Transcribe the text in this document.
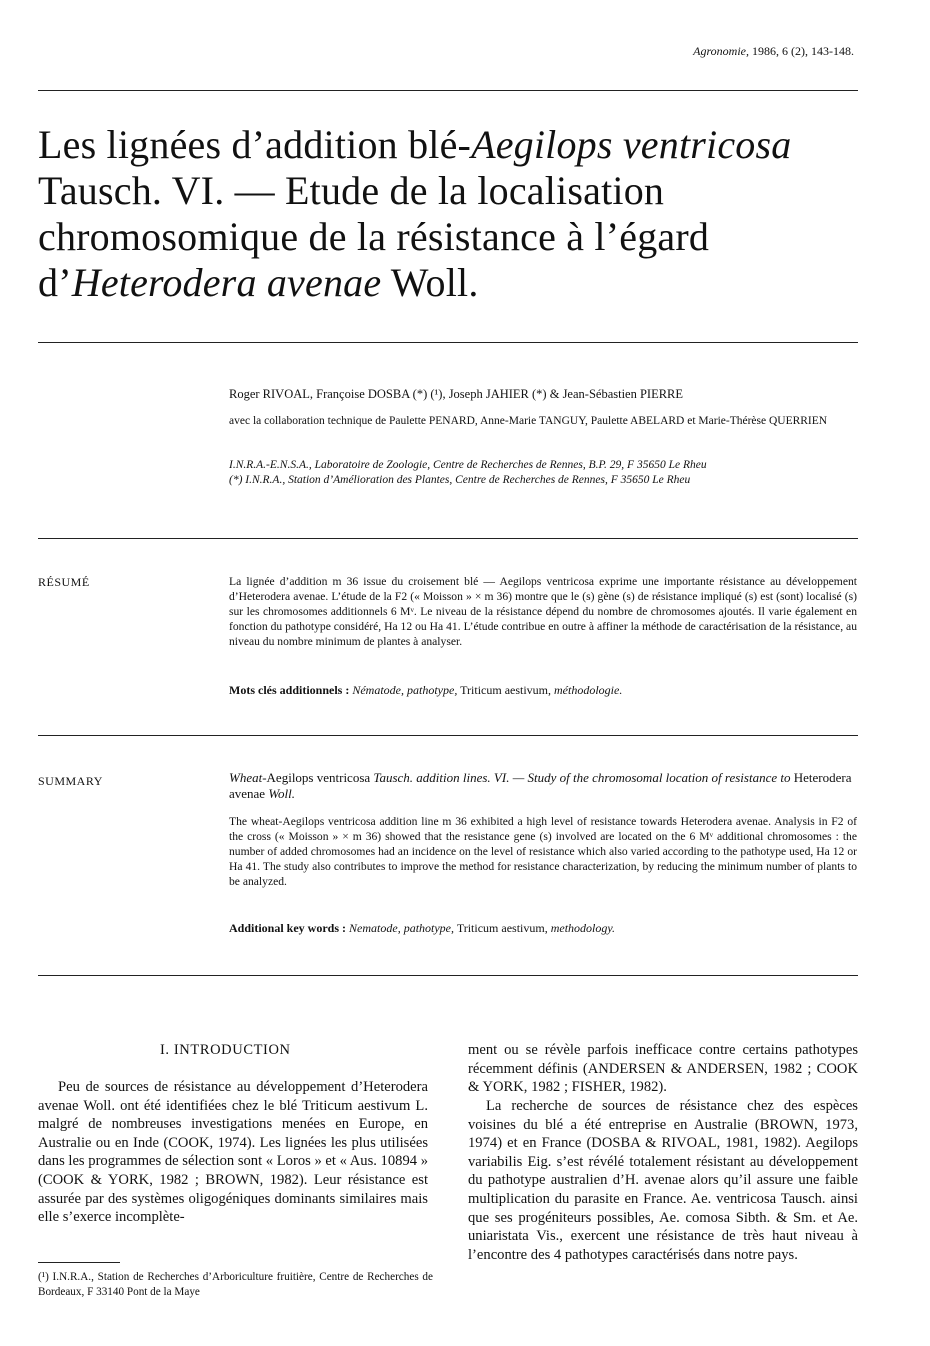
Agronomie, 1986, 6 (2), 143-148.
Les lignées d’addition blé-Aegilops ventricosa Tausch. VI. — Etude de la localisation chromosomique de la résistance à l’égard d’Heterodera avenae Woll.
Roger RIVOAL, Françoise DOSBA (*) (¹), Joseph JAHIER (*) & Jean-Sébastien PIERRE
avec la collaboration technique de Paulette PENARD, Anne-Marie TANGUY, Paulette ABELARD et Marie-Thérèse QUERRIEN
I.N.R.A.-E.N.S.A., Laboratoire de Zoologie, Centre de Recherches de Rennes, B.P. 29, F 35650 Le Rheu
(*) I.N.R.A., Station d’Amélioration des Plantes, Centre de Recherches de Rennes, F 35650 Le Rheu
RÉSUMÉ	La lignée d’addition m 36 issue du croisement blé — Aegilops ventricosa exprime une importante résistance au développement d’Heterodera avenae. L’étude de la F2 (« Moisson » × m 36) montre que le (s) gène (s) de résistance impliqué (s) est (sont) localisé (s) sur les chromosomes additionnels 6 Mᵛ. Le niveau de la résistance dépend du nombre de chromosomes ajoutés. Il varie également en fonction du pathotype considéré, Ha 12 ou Ha 41. L’étude contribue en outre à affiner la méthode de caractérisation de la résistance, au niveau du nombre minimum de plantes à analyser.
Mots clés additionnels : Nématode, pathotype, Triticum aestivum, méthodologie.
SUMMARY	Wheat-Aegilops ventricosa Tausch. addition lines. VI. — Study of the chromosomal location of resistance to Heterodera avenae Woll.
The wheat-Aegilops ventricosa addition line m 36 exhibited a high level of resistance towards Heterodera avenae. Analysis in F2 of the cross (« Moisson » × m 36) showed that the resistance gene (s) involved are located on the 6 Mᵛ additional chromosomes : the number of added chromosomes had an incidence on the level of resistance which also varied according to the pathotype used, Ha 12 or Ha 41. The study also contributes to improve the method for resistance characterization, by reducing the minimum number of plants to be analyzed.
Additional key words : Nematode, pathotype, Triticum aestivum, methodology.
I. INTRODUCTION
Peu de sources de résistance au développement d’Heterodera avenae Woll. ont été identifiées chez le blé Triticum aestivum L. malgré de nombreuses investigations menées en Europe, en Australie ou en Inde (COOK, 1974). Les lignées les plus utilisées dans les programmes de sélection sont « Loros » et « Aus. 10894 » (COOK & YORK, 1982 ; BROWN, 1982). Leur résistance est assurée par des systèmes oligogéniques dominants similaires mais elle s’exerce incomplète-
ment ou se révèle parfois inefficace contre certains pathotypes récemment définis (ANDERSEN & ANDERSEN, 1982 ; COOK & YORK, 1982 ; FISHER, 1982).
La recherche de sources de résistance chez des espèces voisines du blé a été entreprise en Australie (BROWN, 1973, 1974) et en France (DOSBA & RIVOAL, 1981, 1982). Aegilops variabilis Eig. s’est révélé totalement résistant au développement du pathotype australien d’H. avenae alors qu’il assure une faible multiplication du parasite en France. Ae. ventricosa Tausch. ainsi que ses progéniteurs possibles, Ae. comosa Sibth. & Sm. et Ae. uniaristata Vis., exercent une résistance de très haut niveau à l’encontre des 4 pathotypes caractérisés dans notre pays.
(¹) I.N.R.A., Station de Recherches d’Arboriculture fruitière, Centre de Recherches de Bordeaux, F 33140 Pont de la Maye
